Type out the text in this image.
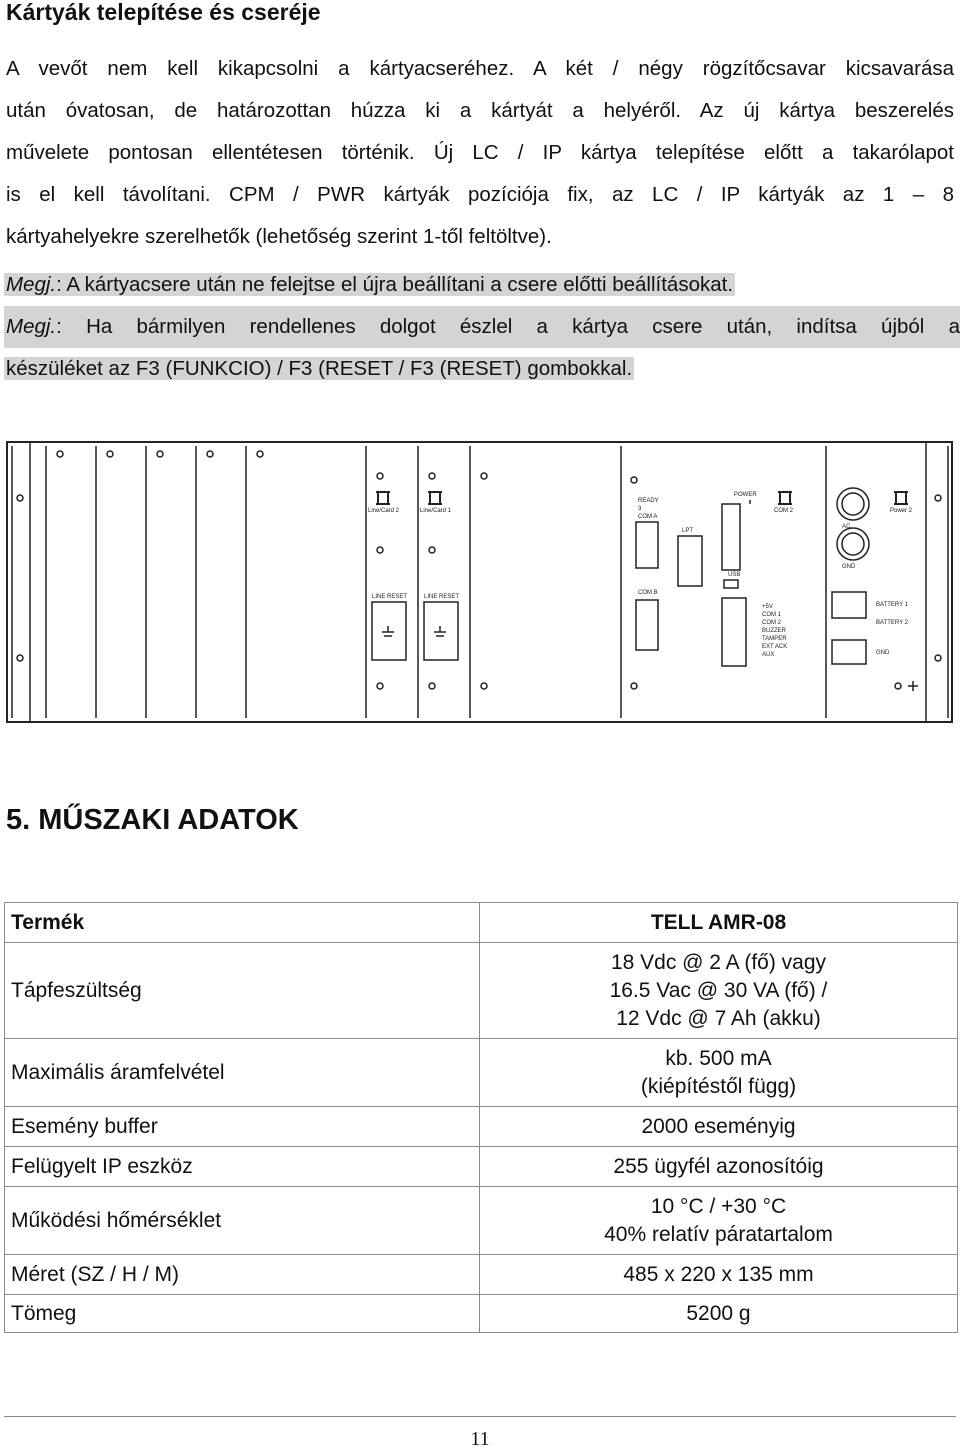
Kártyák telepítése és cseréje
A vevőt nem kell kikapcsolni a kártyacseréhez. A két / négy rögzítőcsavar kicsavarása
után óvatosan, de határozottan húzza ki a kártyát a helyéről. Az új kártya beszerelés
művelete pontosan ellentétesen történik. Új LC / IP kártya telepítése előtt a takarólapot
is el kell távolítani. CPM / PWR kártyák pozíciója fix, az LC / IP kártyák az 1 – 8
kártyahelyekre szerelhetők (lehetőség szerint 1-től feltöltve).
Megj.: A kártyacsere után ne felejtse el újra beállítani a csere előtti beállításokat.
Megj.: Ha bármilyen rendellenes dolgot észlel a kártya csere után, indítsa újból a
készüléket az F3 (FUNKCIO) / F3 (RESET / F3 (RESET) gombokkal.
Line/Card 2
LINE RESET
Line/Card 1
LINE RESET
READY
3
COM A
LPT
POWER
USB
COM B
+5V
COM 1
COM 2
BUZZER
TAMPER
EXT ACK
AUX
COM 2
AC
GND
Power 2
BATTERY 1
BATTERY 2
GND
5. MŰSZAKI ADATOK
Termék	TELL AMR-08
Tápfeszültség	18 Vdc @ 2 A (fő) vagy
16.5 Vac @ 30 VA (fő) /
12 Vdc @ 7 Ah (akku)

Maximális áramfelvétel	kb. 500 mA
(kiépítéstől függ)

Esemény buffer	2000 eseményig
Felügyelt IP eszköz	255 ügyfél azonosítóig
Működési hőmérséklet	10 °C / +30 °C
40% relatív páratartalom

Méret (SZ / H / M)	485 x 220 x 135 mm
Tömeg	5200 g
11
